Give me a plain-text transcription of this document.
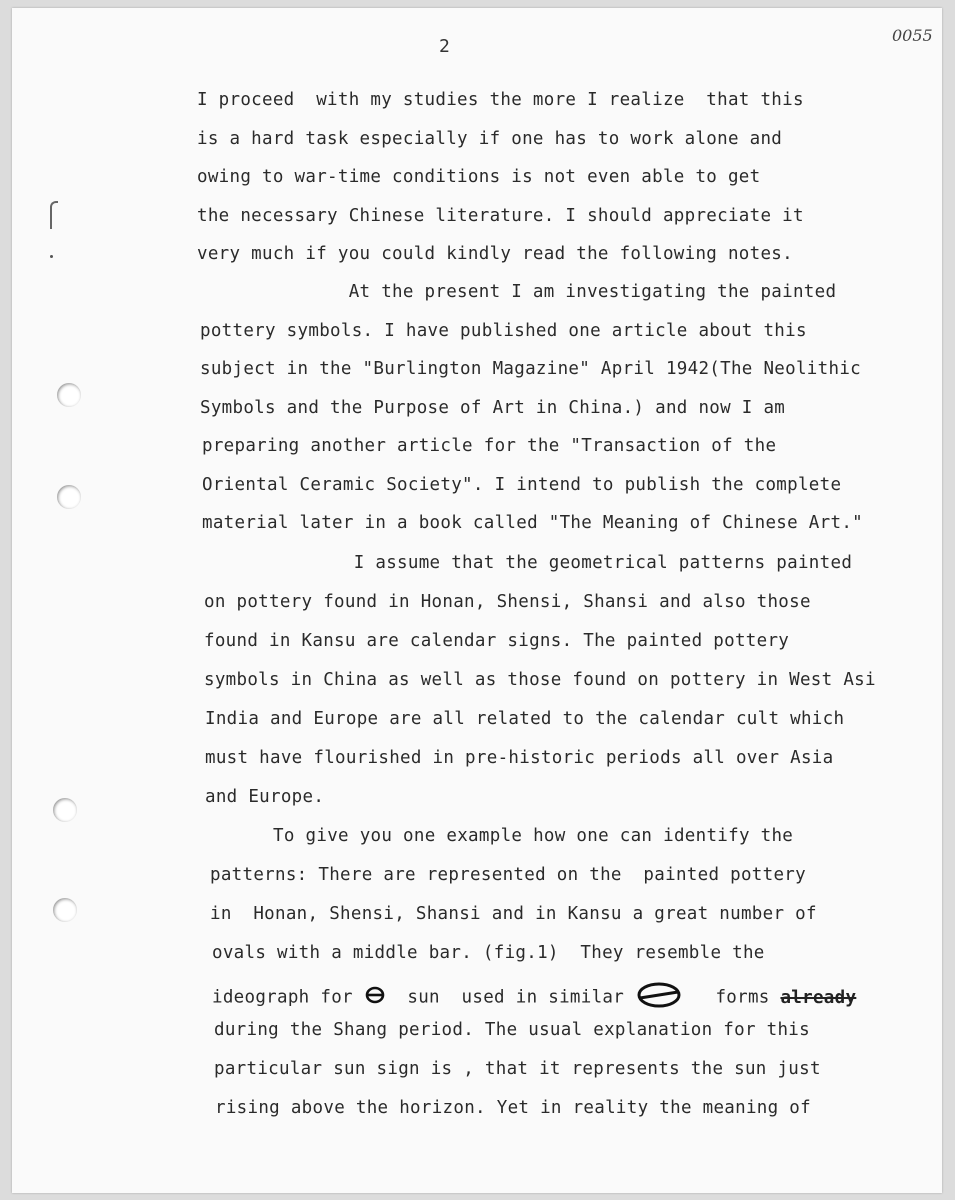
2
0055
I proceed  with my studies the more I realize  that this
is a hard task especially if one has to work alone and
owing to war-time conditions is not even able to get
the necessary Chinese literature. I should appreciate it
very much if you could kindly read the following notes.
At the present I am investigating the painted
pottery symbols. I have published one article about this
subject in the "Burlington Magazine" April 1942(The Neolithic
Symbols and the Purpose of Art in China.) and now I am
preparing another article for the "Transaction of the
Oriental Ceramic Society". I intend to publish the complete
material later in a book called "The Meaning of Chinese Art."
I assume that the geometrical patterns painted
on pottery found in Honan, Shensi, Shansi and also those
found in Kansu are calendar signs. The painted pottery
symbols in China as well as those found on pottery in West Asi
India and Europe are all related to the calendar cult which
must have flourished in pre-historic periods all over Asia
and Europe.
To give you one example how one can identify the
patterns: There are represented on the  painted pottery
in  Honan, Shensi, Shansi and in Kansu a great number of
ovals with a middle bar. (fig.1)  They resemble the
ideograph for   sun  used in similar	forms already
during the Shang period. The usual explanation for this
particular sun sign is , that it represents the sun just
rising above the horizon. Yet in reality the meaning of
